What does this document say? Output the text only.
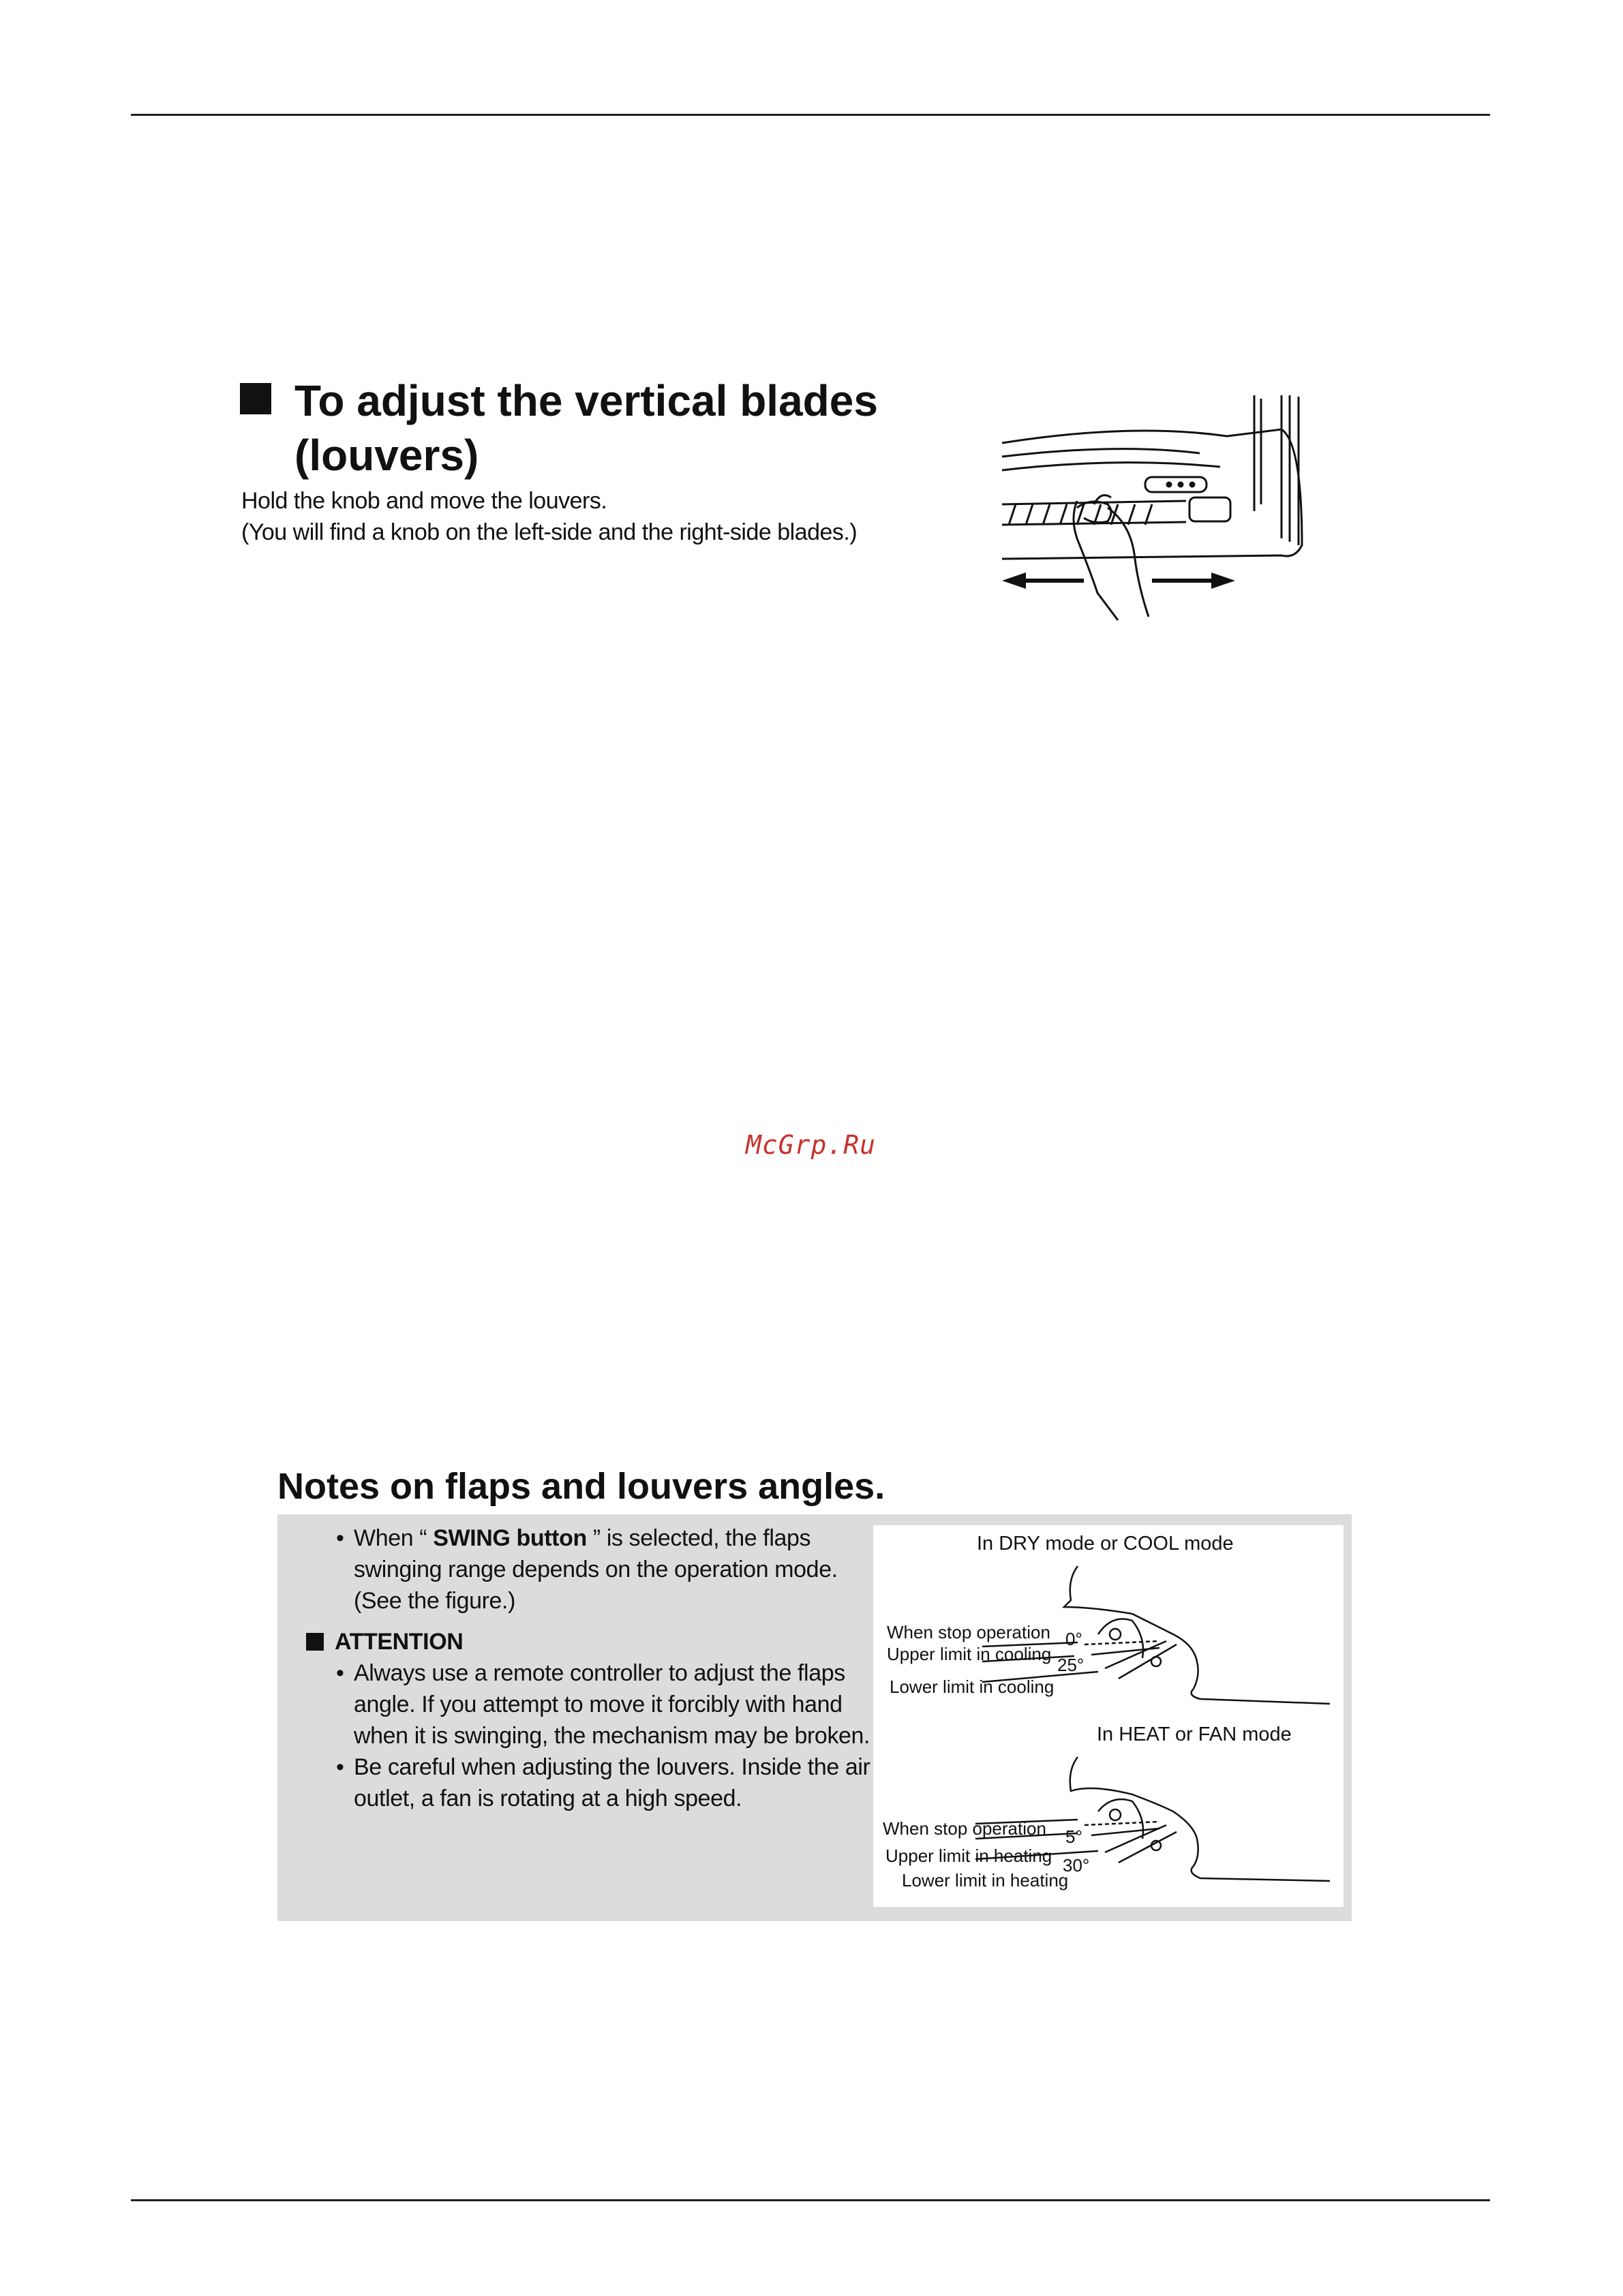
To adjust the vertical blades
(louvers)
Hold the knob and move the louvers.
(You will find a knob on the left-side and the right-side blades.)
McGrp.Ru
Notes on flaps and louvers angles.
• When “ SWING button ” is selected, the flaps swinging range depends on the operation mode. (See the figure.)
ATTENTION
• Always use a remote controller to adjust the flaps angle. If you attempt to move it forcibly with hand when it is swinging, the mechanism may be broken.
• Be careful when adjusting the louvers. Inside the air outlet, a fan is rotating at a high speed.
In DRY mode or COOL mode
When stop operation
Upper limit in cooling
Lower limit in cooling
0°
25°
In HEAT or FAN mode
When stop operation
Upper limit in heating
Lower limit in heating
5°
30°
